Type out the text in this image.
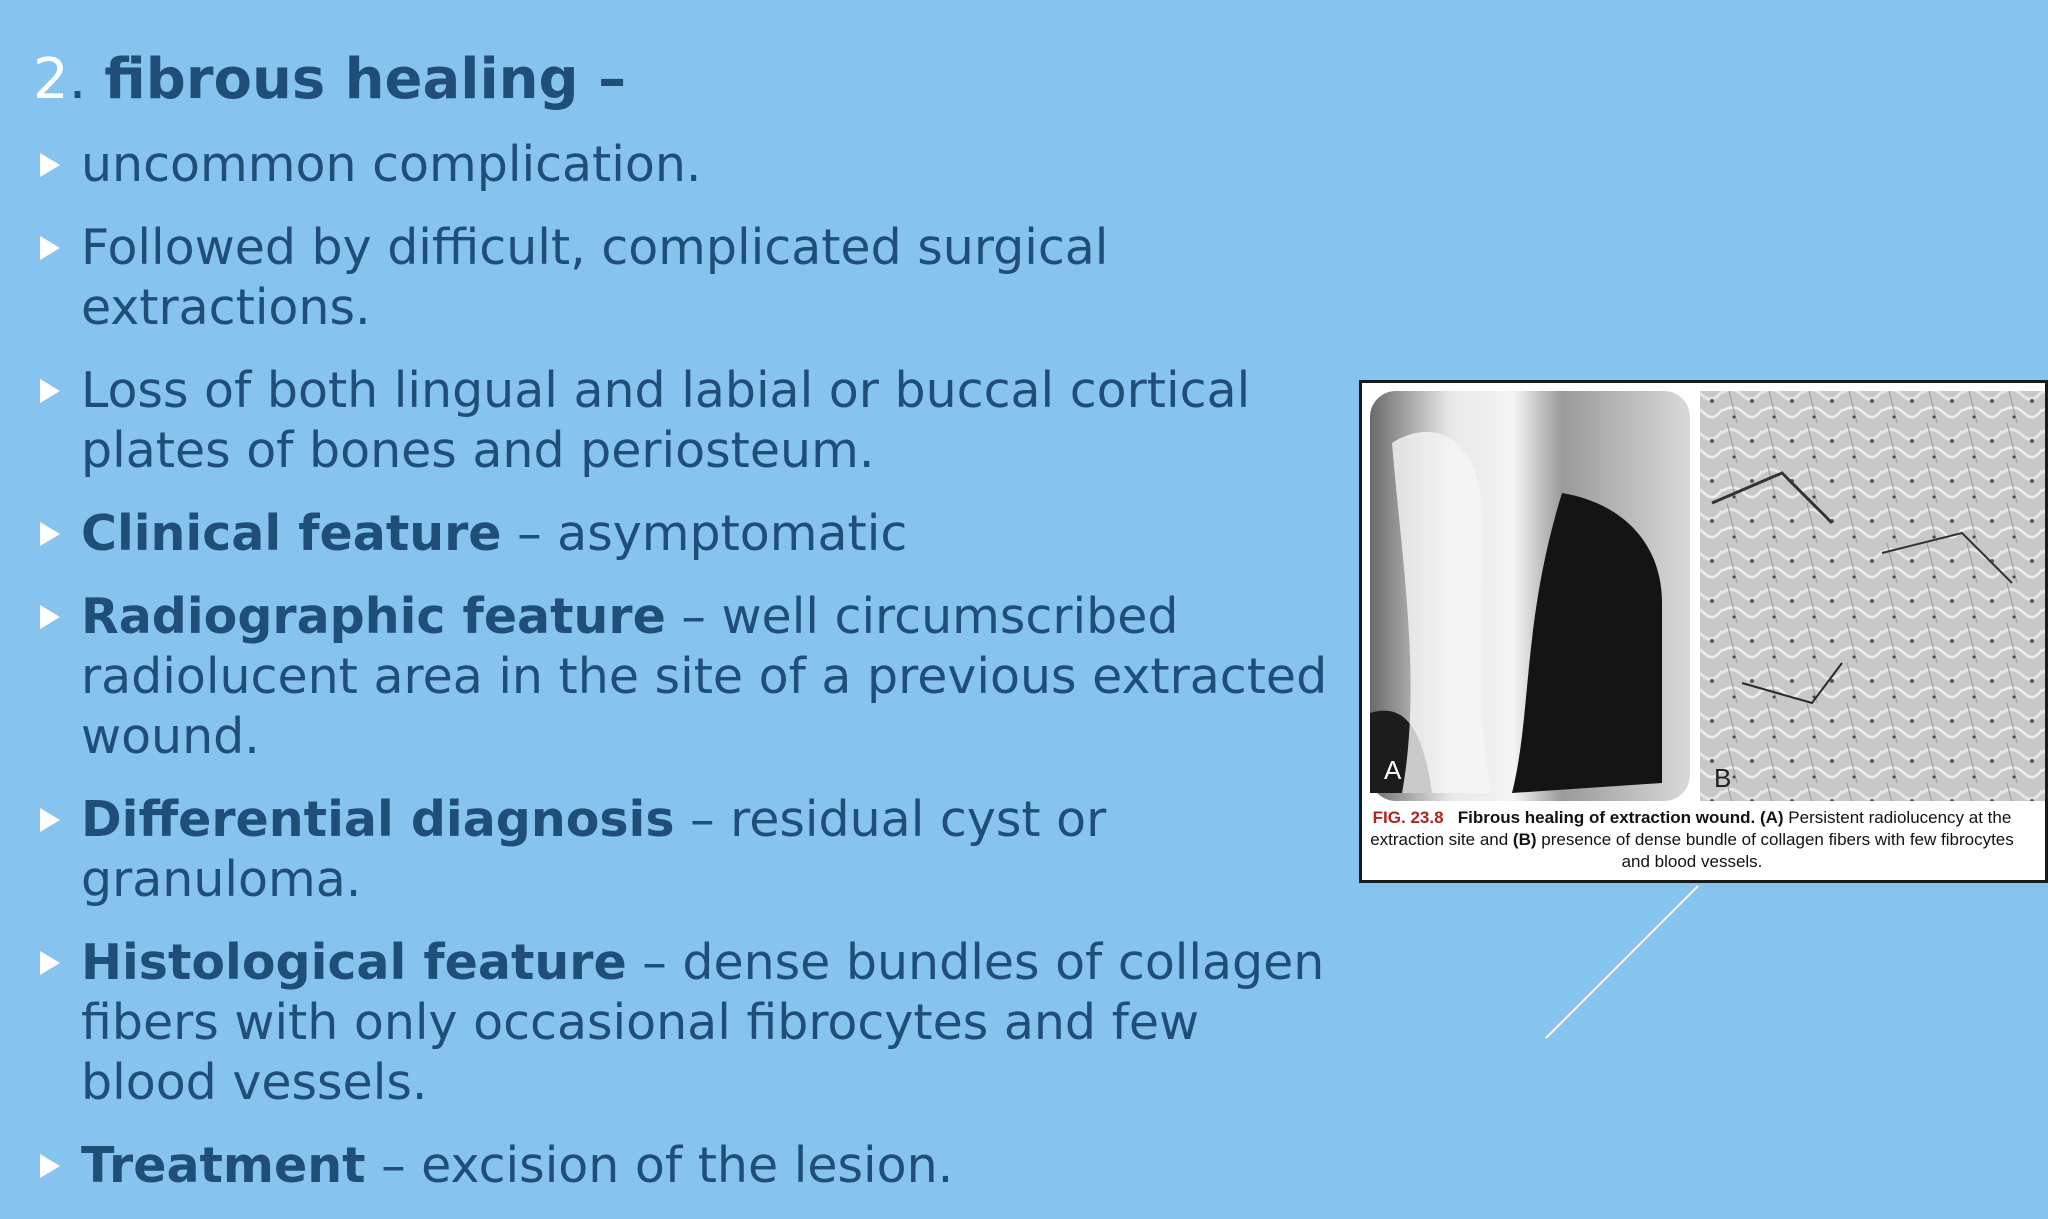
2. fibrous healing –
uncommon complication.
Followed by difficult, complicated surgical extractions.
Loss of both lingual and labial or buccal cortical plates of bones and periosteum.
Clinical feature – asymptomatic
Radiographic feature – well circumscribed radiolucent area in the site of a previous extracted wound.
Differential diagnosis – residual cyst or granuloma.
Histological feature – dense bundles of collagen fibers with only occasional fibrocytes and few blood vessels.
Treatment – excision of the lesion.
A	B
FIG. 23.8 Fibrous healing of extraction wound. (A) Persistent radiolucency at the extraction site and (B) presence of dense bundle of collagen fibers with few fibrocytes and blood vessels.
